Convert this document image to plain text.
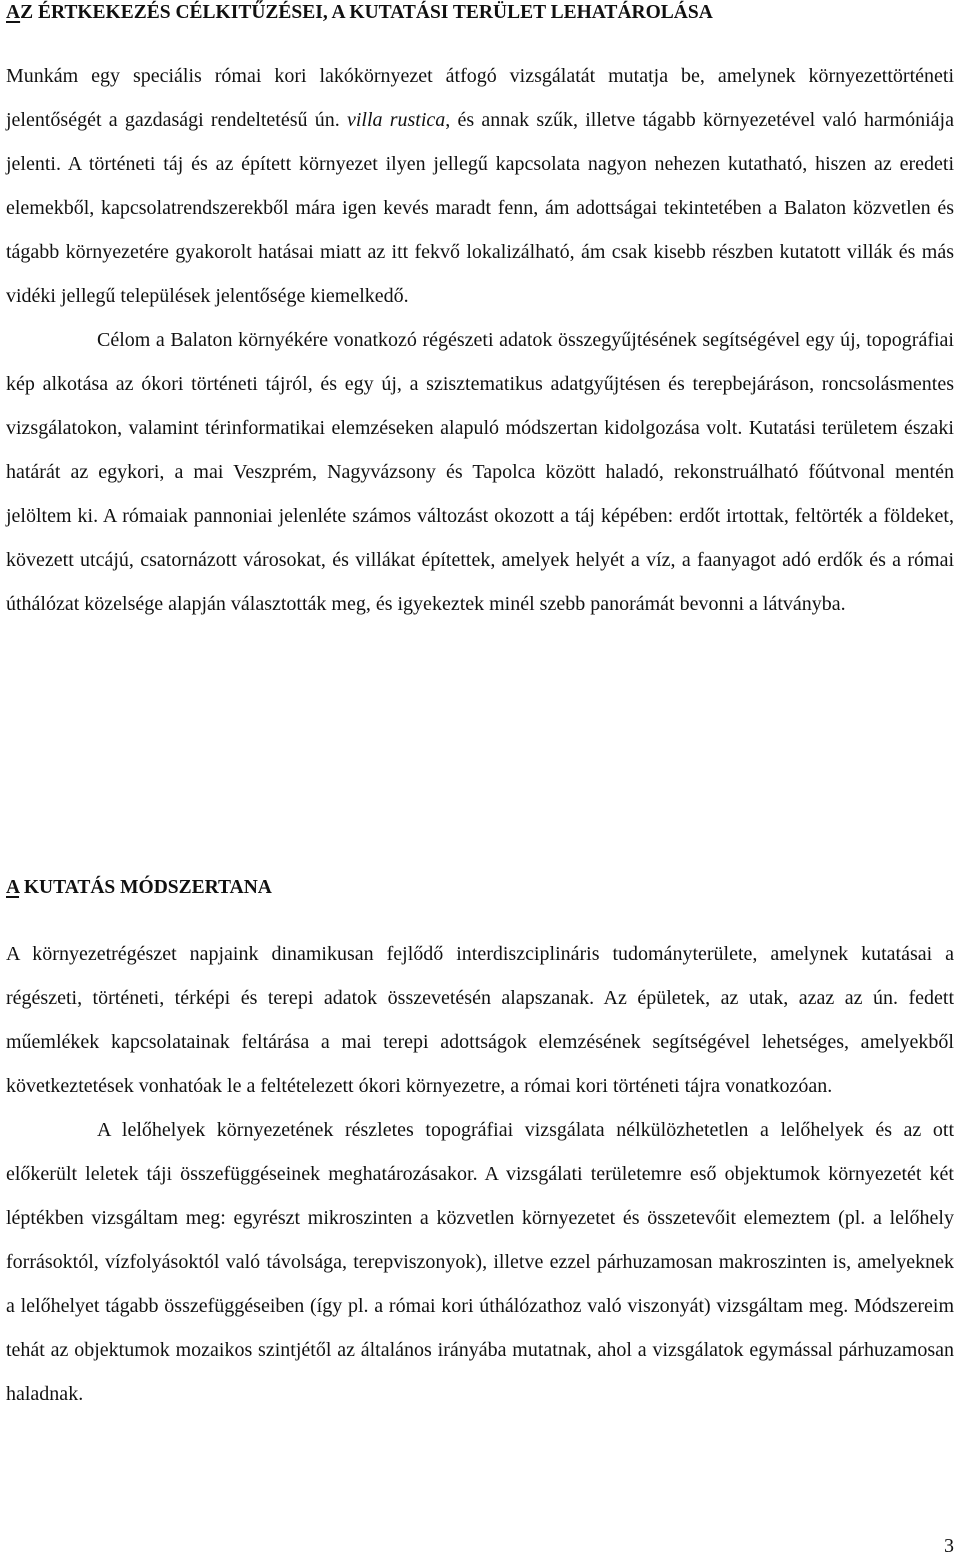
AZ ÉRTKEKEZÉS CÉLKITŰZÉSEI, A KUTATÁSI TERÜLET LEHATÁROLÁSA

Munkám egy speciális római kori lakókörnyezet átfogó vizsgálatát mutatja be, amelynek környezettörténeti jelentőségét a gazdasági rendeltetésű ún. villa rustica, és annak szűk, illetve tágabb környezetével való harmóniája jelenti. A történeti táj és az épített környezet ilyen jellegű kapcsolata nagyon nehezen kutatható, hiszen az eredeti elemekből, kapcsolatrendszerekből mára igen kevés maradt fenn, ám adottságai tekintetében a Balaton közvetlen és tágabb környezetére gyakorolt hatásai miatt az itt fekvő lokalizálható, ám csak kisebb részben kutatott villák és más vidéki jellegű települések jelentősége kiemelkedő.

Célom a Balaton környékére vonatkozó régészeti adatok összegyűjtésének segítségével egy új, topográfiai kép alkotása az ókori történeti tájról, és egy új, a szisztematikus adatgyűjtésen és terepbejáráson, roncsolásmentes vizsgálatokon, valamint térinformatikai elemzéseken alapuló módszertan kidolgozása volt. Kutatási területem északi határát az egykori, a mai Veszprém, Nagyvázsony és Tapolca között haladó, rekonstruálható főútvonal mentén jelöltem ki. A rómaiak pannoniai jelenléte számos változást okozott a táj képében: erdőt irtottak, feltörték a földeket, kövezett utcájú, csatornázott városokat, és villákat építettek, amelyek helyét a víz, a faanyagot adó erdők és a római úthálózat közelsége alapján választották meg, és igyekeztek minél szebb panorámát bevonni a látványba.

A KUTATÁS MÓDSZERTANA

A környezetrégészet napjaink dinamikusan fejlődő interdiszciplináris tudományterülete, amelynek kutatásai a régészeti, történeti, térképi és terepi adatok összevetésén alapszanak. Az épületek, az utak, azaz az ún. fedett műemlékek kapcsolatainak feltárása a mai terepi adottságok elemzésének segítségével lehetséges, amelyekből következtetések vonhatóak le a feltételezett ókori környezetre, a római kori történeti tájra vonatkozóan.

A lelőhelyek környezetének részletes topográfiai vizsgálata nélkülözhetetlen a lelőhelyek és az ott előkerült leletek táji összefüggéseinek meghatározásakor. A vizsgálati területemre eső objektumok környezetét két léptékben vizsgáltam meg: egyrészt mikroszinten a közvetlen környezetet és összetevőit elemeztem (pl. a lelőhely forrásoktól, vízfolyásoktól való távolsága, terepviszonyok), illetve ezzel párhuzamosan makroszinten is, amelyeknek a lelőhelyet tágabb összefüggéseiben (így pl. a római kori úthálózathoz való viszonyát) vizsgáltam meg. Módszereim tehát az objektumok mozaikos szintjétől az általános irányába mutatnak, ahol a vizsgálatok egymással párhuzamosan haladnak.

3
